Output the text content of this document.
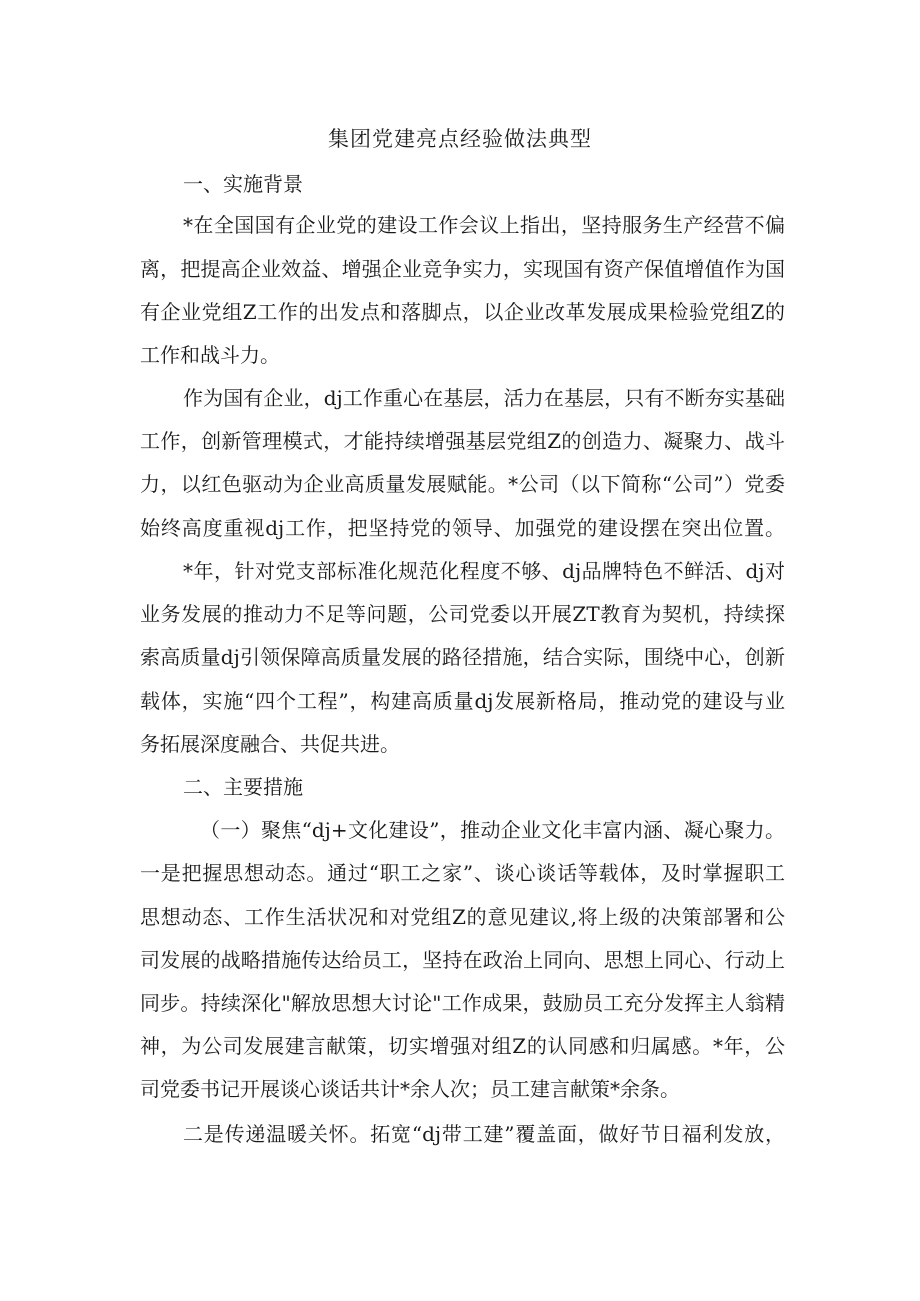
集团党建亮点经验做法典型
一、实施背景
*在全国国有企业党的建设工作会议上指出，坚持服务生产经营不偏
离，把提高企业效益、增强企业竞争实力，实现国有资产保值增值作为国
有企业党组Z工作的出发点和落脚点，以企业改革发展成果检验党组Z的
工作和战斗力。
作为国有企业，dj工作重心在基层，活力在基层，只有不断夯实基础
工作，创新管理模式，才能持续增强基层党组Z的创造力、凝聚力、战斗
力，以红色驱动为企业高质量发展赋能。*公司（以下简称“公司”）党委
始终高度重视dj工作，把坚持党的领导、加强党的建设摆在突出位置。
*年，针对党支部标准化规范化程度不够、dj品牌特色不鲜活、dj对
业务发展的推动力不足等问题，公司党委以开展ZT教育为契机，持续探
索高质量dj引领保障高质量发展的路径措施，结合实际，围绕中心，创新
载体，实施“四个工程”，构建高质量dj发展新格局，推动党的建设与业
务拓展深度融合、共促共进。
二、主要措施
（一）聚焦“dj+文化建设”，推动企业文化丰富内涵、凝心聚力。
一是把握思想动态。通过“职工之家”、谈心谈话等载体，及时掌握职工
思想动态、工作生活状况和对党组Z的意见建议,将上级的决策部署和公
司发展的战略措施传达给员工，坚持在政治上同向、思想上同心、行动上
同步。持续深化"解放思想大讨论"工作成果，鼓励员工充分发挥主人翁精
神，为公司发展建言献策，切实增强对组Z的认同感和归属感。*年，公
司党委书记开展谈心谈话共计*余人次；员工建言献策*余条。
二是传递温暖关怀。拓宽“dj带工建”覆盖面，做好节日福利发放，
